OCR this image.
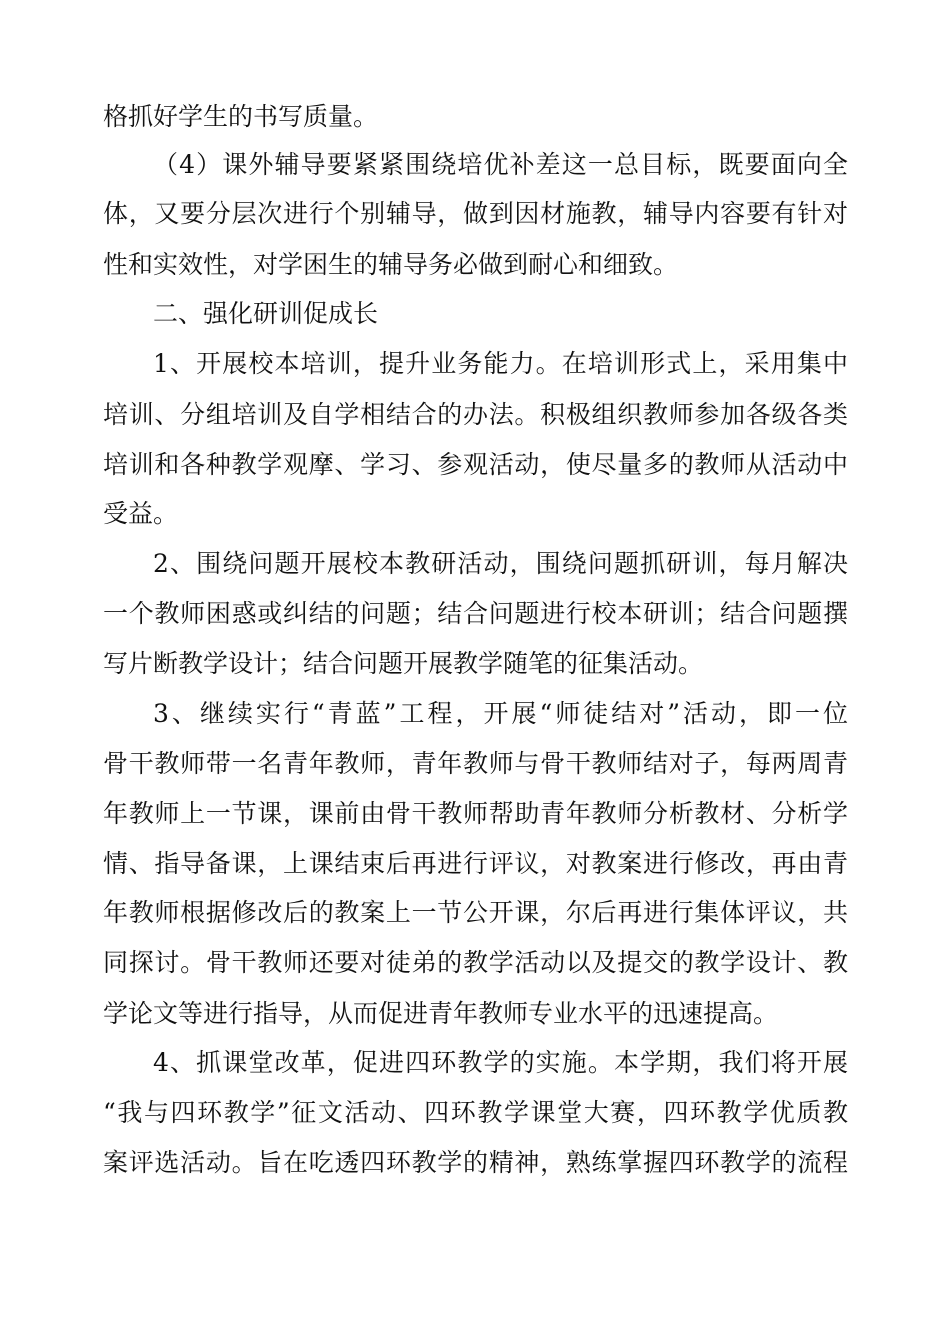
格抓好学生的书写质量。
（4）课外辅导要紧紧围绕培优补差这一总目标，既要面向全
体，又要分层次进行个别辅导，做到因材施教，辅导内容要有针对
性和实效性，对学困生的辅导务必做到耐心和细致。
二、强化研训促成长
1、开展校本培训，提升业务能力。在培训形式上，采用集中
培训、分组培训及自学相结合的办法。积极组织教师参加各级各类
培训和各种教学观摩、学习、参观活动，使尽量多的教师从活动中
受益。
2、围绕问题开展校本教研活动，围绕问题抓研训，每月解决
一个教师困惑或纠结的问题；结合问题进行校本研训；结合问题撰
写片断教学设计；结合问题开展教学随笔的征集活动。
3、继续实行“青蓝”工程，开展“师徒结对”活动，即一位
骨干教师带一名青年教师，青年教师与骨干教师结对子，每两周青
年教师上一节课，课前由骨干教师帮助青年教师分析教材、分析学
情、指导备课，上课结束后再进行评议，对教案进行修改，再由青
年教师根据修改后的教案上一节公开课，尔后再进行集体评议，共
同探讨。骨干教师还要对徒弟的教学活动以及提交的教学设计、教
学论文等进行指导，从而促进青年教师专业水平的迅速提高。
4、抓课堂改革，促进四环教学的实施。本学期，我们将开展
“我与四环教学”征文活动、四环教学课堂大赛，四环教学优质教
案评选活动。旨在吃透四环教学的精神，熟练掌握四环教学的流程
